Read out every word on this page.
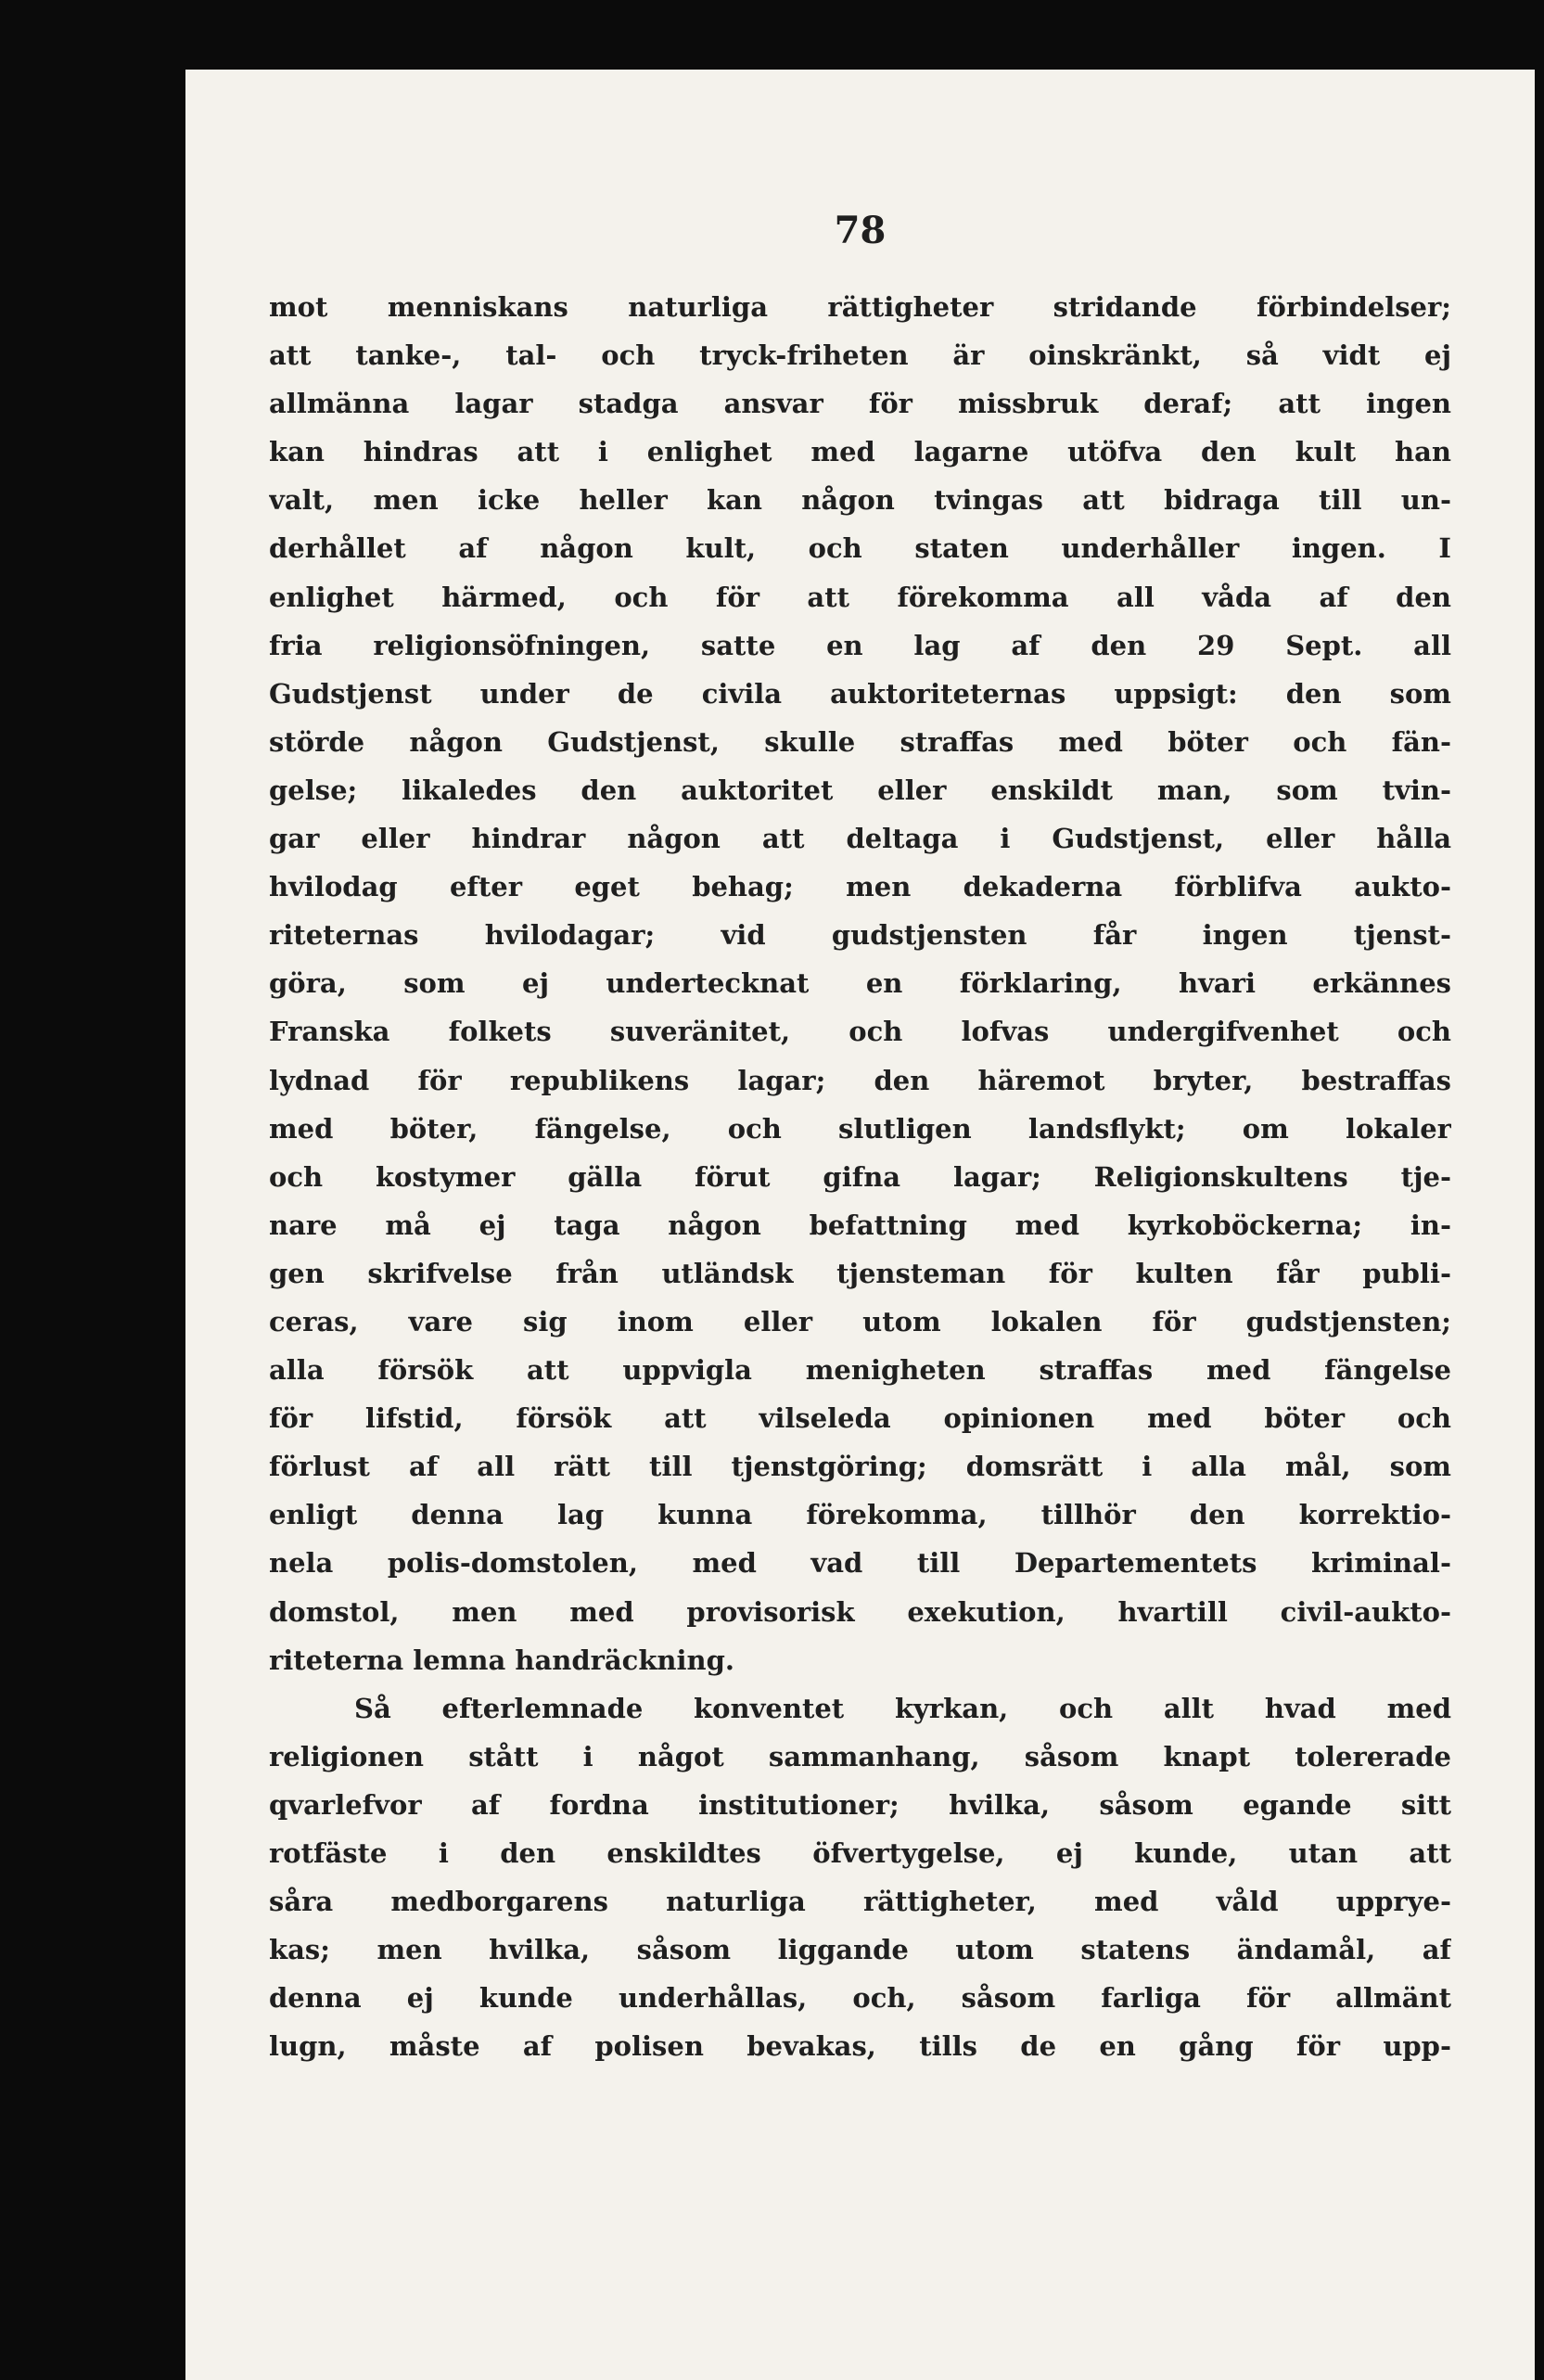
78
mot menniskans naturliga rättigheter stridande förbindelser;
att tanke-, tal- och tryck-friheten är oinskränkt, så vidt ej
allmänna lagar stadga ansvar för missbruk deraf; att ingen
kan hindras att i enlighet med lagarne utöfva den kult han
valt, men icke heller kan någon tvingas att bidraga till un-
derhållet af någon kult, och staten underhåller ingen. I
enlighet härmed, och för att förekomma all våda af den
fria religionsöfningen, satte en lag af den 29 Sept. all
Gudstjenst under de civila auktoriteternas uppsigt: den som
störde någon Gudstjenst, skulle straffas med böter och fän-
gelse; likaledes den auktoritet eller enskildt man, som tvin-
gar eller hindrar någon att deltaga i Gudstjenst, eller hålla
hvilodag efter eget behag; men dekaderna förblifva aukto-
riteternas hvilodagar; vid gudstjensten får ingen tjenst-
göra, som ej undertecknat en förklaring, hvari erkännes
Franska folkets suveränitet, och lofvas undergifvenhet och
lydnad för republikens lagar; den häremot bryter, bestraffas
med böter, fängelse, och slutligen landsflykt; om lokaler
och kostymer gälla förut gifna lagar; Religionskultens tje-
nare må ej taga någon befattning med kyrkoböckerna; in-
gen skrifvelse från utländsk tjensteman för kulten får publi-
ceras, vare sig inom eller utom lokalen för gudstjensten;
alla försök att uppvigla menigheten straffas med fängelse
för lifstid, försök att vilseleda opinionen med böter och
förlust af all rätt till tjenstgöring; domsrätt i alla mål, som
enligt denna lag kunna förekomma, tillhör den korrektio-
nela polis-domstolen, med vad till Departementets kriminal-
domstol, men med provisorisk exekution, hvartill civil-aukto-
riteterna lemna handräckning.
Så efterlemnade konventet kyrkan, och allt hvad med
religionen stått i något sammanhang, såsom knapt tolererade
qvarlefvor af fordna institutioner; hvilka, såsom egande sitt
rotfäste i den enskildtes öfvertygelse, ej kunde, utan att
såra medborgarens naturliga rättigheter, med våld upprye-
kas; men hvilka, såsom liggande utom statens ändamål, af
denna ej kunde underhållas, och, såsom farliga för allmänt
lugn, måste af polisen bevakas, tills de en gång för upp-
